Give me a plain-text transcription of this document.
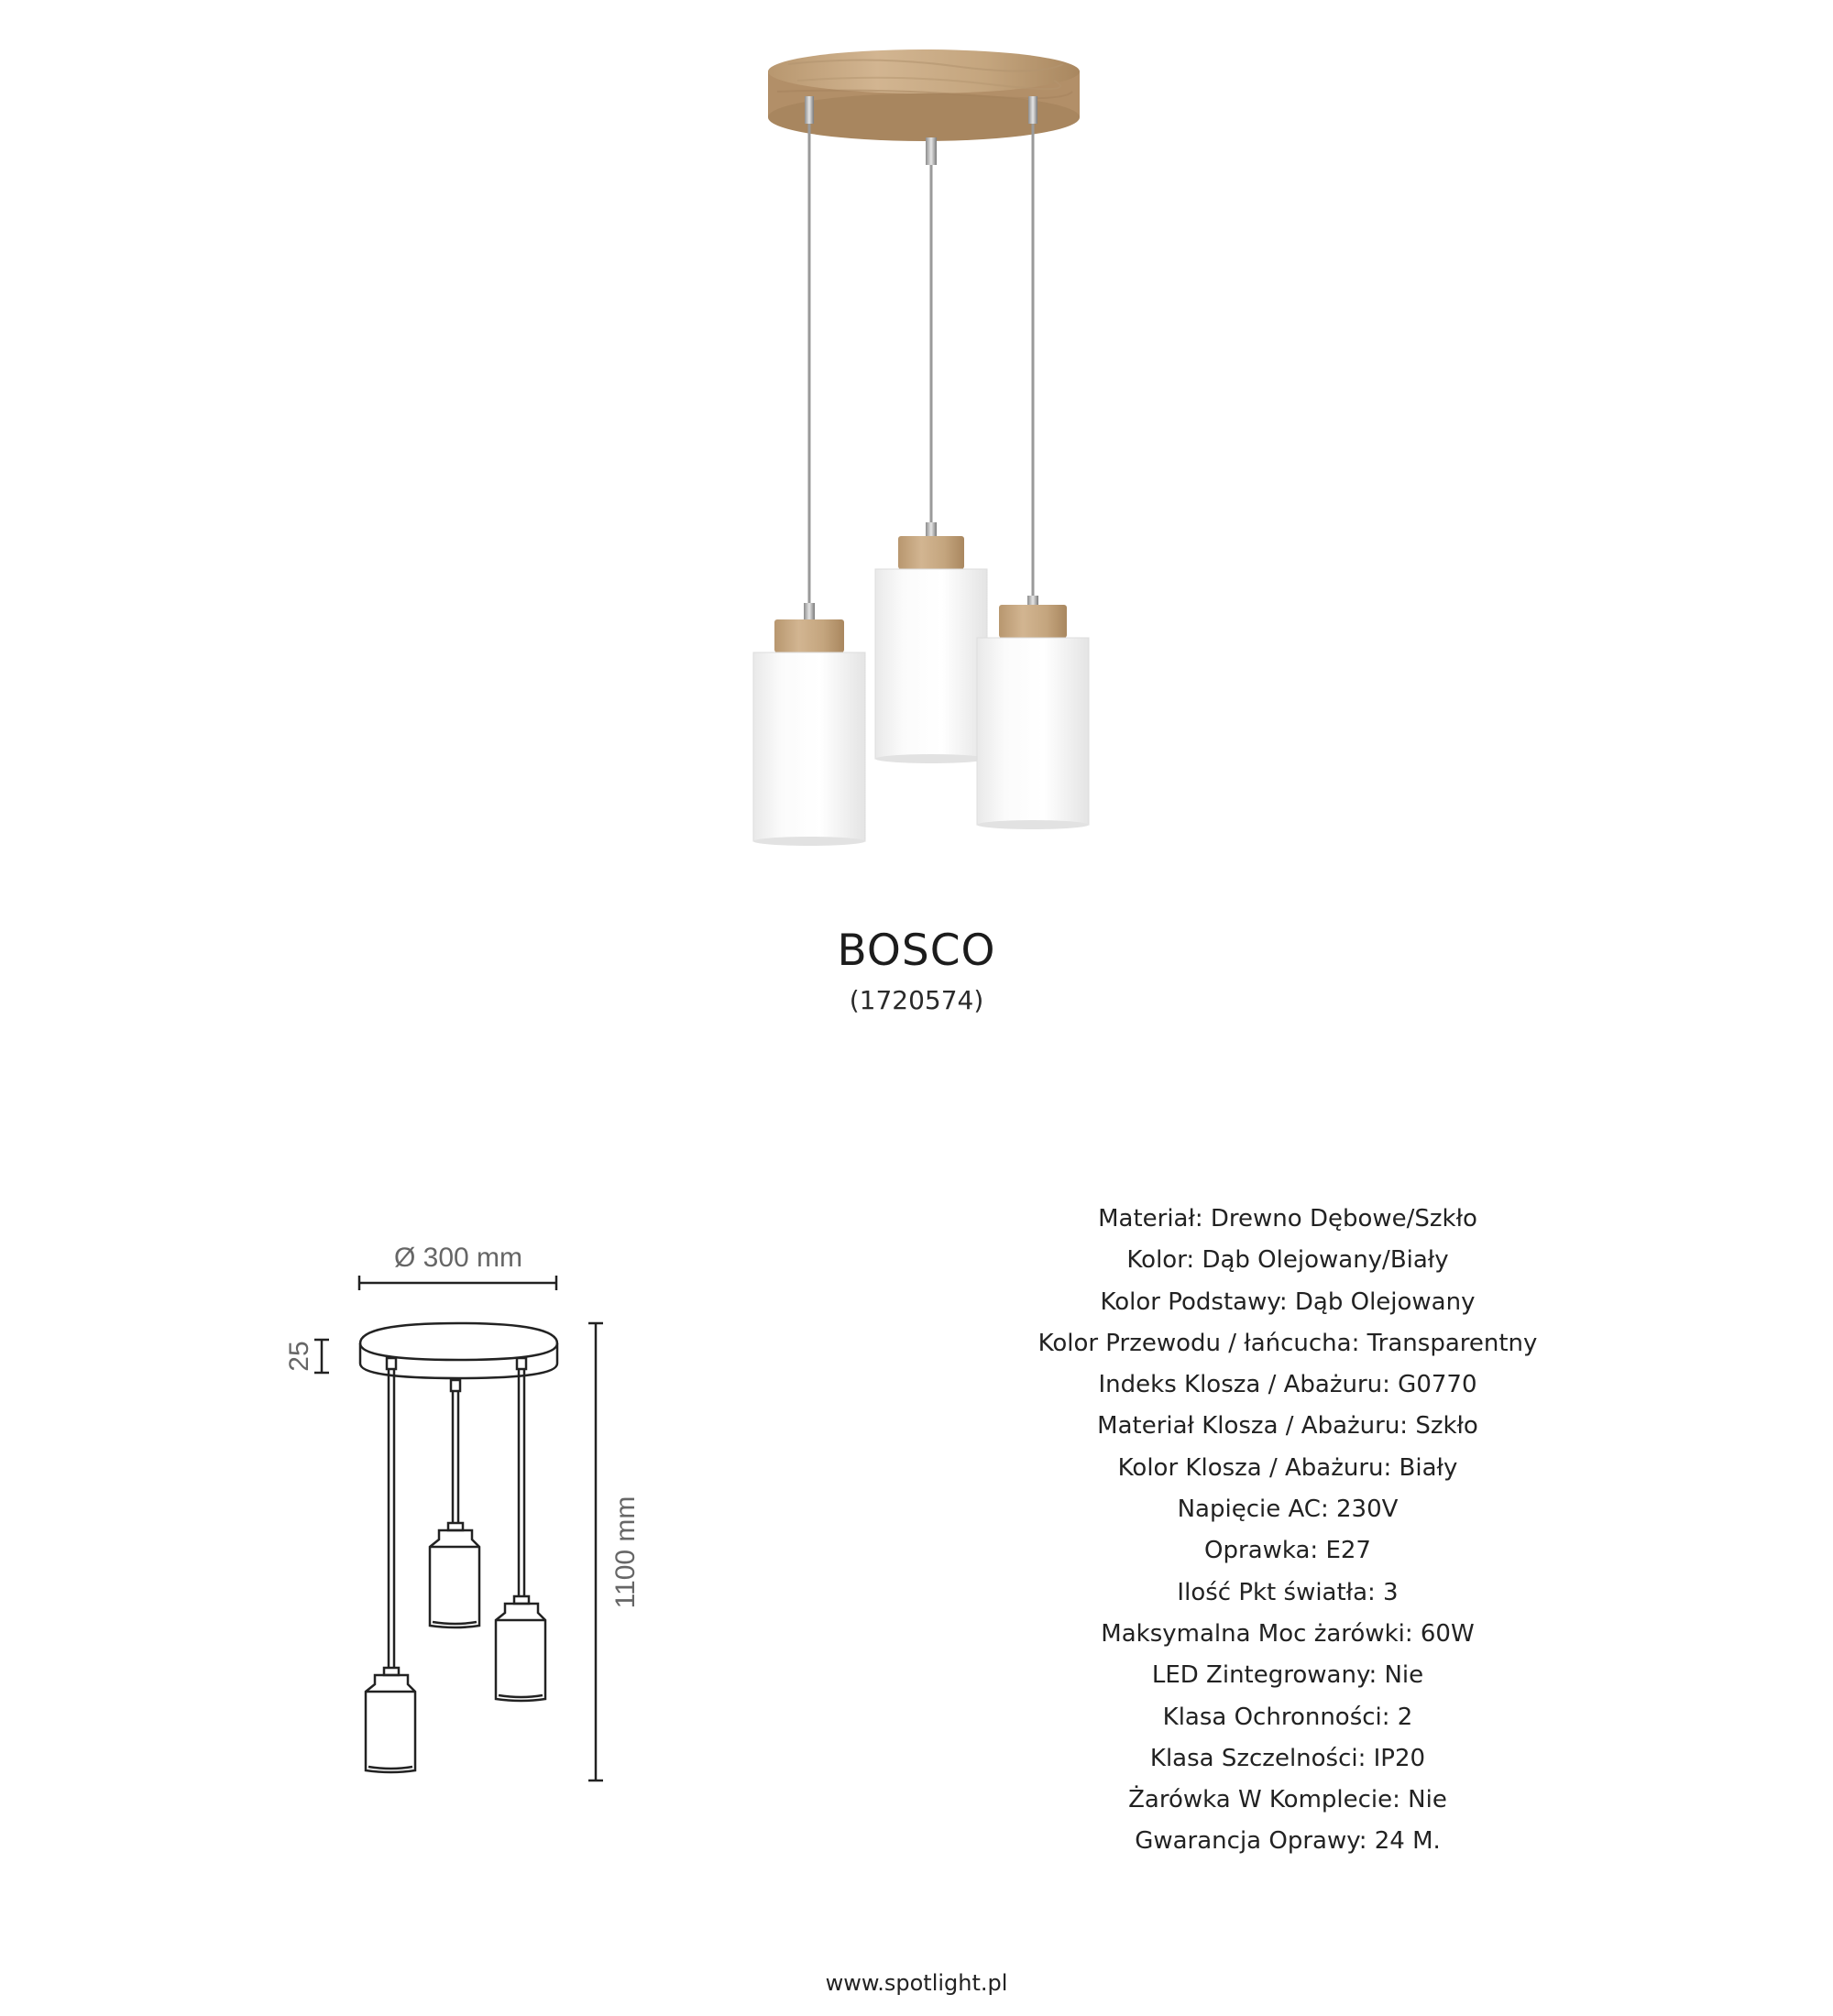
BOSCO
(1720574)
Ø 300 mm
25
1100 mm
Materiał: Drewno Dębowe/Szkło
Kolor: Dąb Olejowany/Biały
Kolor Podstawy: Dąb Olejowany
Kolor Przewodu / łańcucha: Transparentny
Indeks Klosza / Abażuru: G0770
Materiał Klosza / Abażuru: Szkło
Kolor Klosza / Abażuru: Biały
Napięcie AC: 230V
Oprawka: E27
Ilość Pkt światła: 3
Maksymalna Moc żarówki: 60W
LED Zintegrowany: Nie
Klasa Ochronności: 2
Klasa Szczelności: IP20
Żarówka W Komplecie: Nie
Gwarancja Oprawy: 24 M.
www.spotlight.pl
